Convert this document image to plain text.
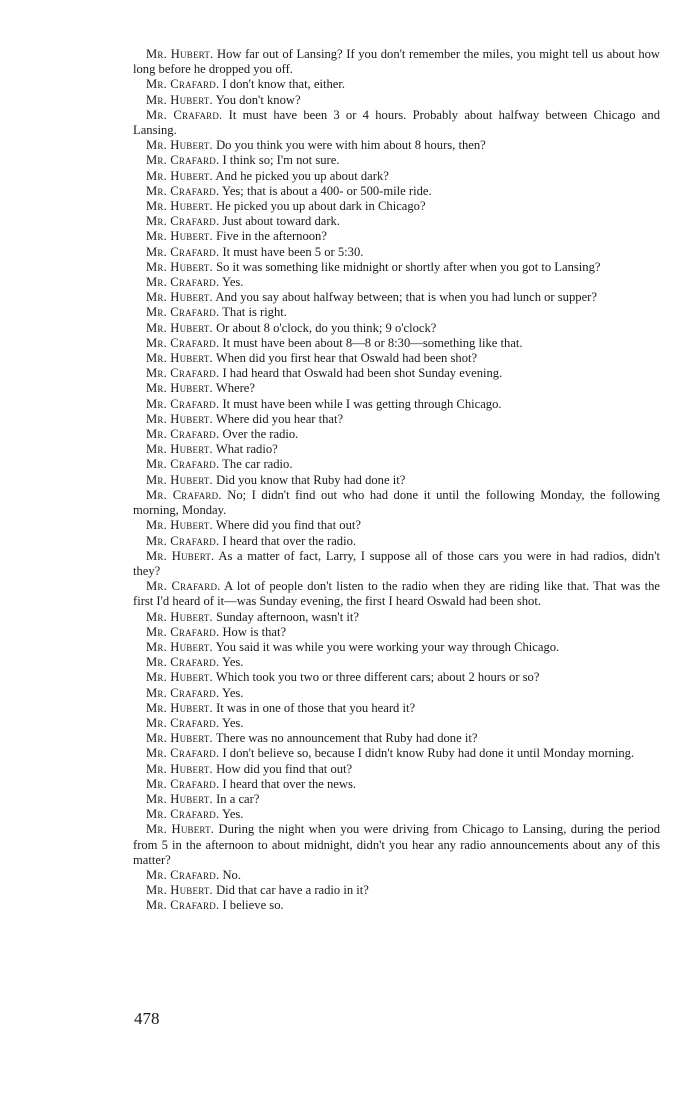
Mr. Hubert. How far out of Lansing? If you don't remember the miles, you might tell us about how long before he dropped you off.

Mr. Crafard. I don't know that, either.

Mr. Hubert. You don't know?

Mr. Crafard. It must have been 3 or 4 hours. Probably about halfway between Chicago and Lansing.

Mr. Hubert. Do you think you were with him about 8 hours, then?

Mr. Crafard. I think so; I'm not sure.

Mr. Hubert. And he picked you up about dark?

Mr. Crafard. Yes; that is about a 400- or 500-mile ride.

Mr. Hubert. He picked you up about dark in Chicago?

Mr. Crafard. Just about toward dark.

Mr. Hubert. Five in the afternoon?

Mr. Crafard. It must have been 5 or 5:30.

Mr. Hubert. So it was something like midnight or shortly after when you got to Lansing?

Mr. Crafard. Yes.

Mr. Hubert. And you say about halfway between; that is when you had lunch or supper?

Mr. Crafard. That is right.

Mr. Hubert. Or about 8 o'clock, do you think; 9 o'clock?

Mr. Crafard. It must have been about 8—8 or 8:30—something like that.

Mr. Hubert. When did you first hear that Oswald had been shot?

Mr. Crafard. I had heard that Oswald had been shot Sunday evening.

Mr. Hubert. Where?

Mr. Crafard. It must have been while I was getting through Chicago.

Mr. Hubert. Where did you hear that?

Mr. Crafard. Over the radio.

Mr. Hubert. What radio?

Mr. Crafard. The car radio.

Mr. Hubert. Did you know that Ruby had done it?

Mr. Crafard. No; I didn't find out who had done it until the following Monday, the following morning, Monday.

Mr. Hubert. Where did you find that out?

Mr. Crafard. I heard that over the radio.

Mr. Hubert. As a matter of fact, Larry, I suppose all of those cars you were in had radios, didn't they?

Mr. Crafard. A lot of people don't listen to the radio when they are riding like that. That was the first I'd heard of it—was Sunday evening, the first I heard Oswald had been shot.

Mr. Hubert. Sunday afternoon, wasn't it?

Mr. Crafard. How is that?

Mr. Hubert. You said it was while you were working your way through Chicago.

Mr. Crafard. Yes.

Mr. Hubert. Which took you two or three different cars; about 2 hours or so?

Mr. Crafard. Yes.

Mr. Hubert. It was in one of those that you heard it?

Mr. Crafard. Yes.

Mr. Hubert. There was no announcement that Ruby had done it?

Mr. Crafard. I don't believe so, because I didn't know Ruby had done it until Monday morning.

Mr. Hubert. How did you find that out?

Mr. Crafard. I heard that over the news.

Mr. Hubert. In a car?

Mr. Crafard. Yes.

Mr. Hubert. During the night when you were driving from Chicago to Lansing, during the period from 5 in the afternoon to about midnight, didn't you hear any radio announcements about any of this matter?

Mr. Crafard. No.

Mr. Hubert. Did that car have a radio in it?

Mr. Crafard. I believe so.

478
